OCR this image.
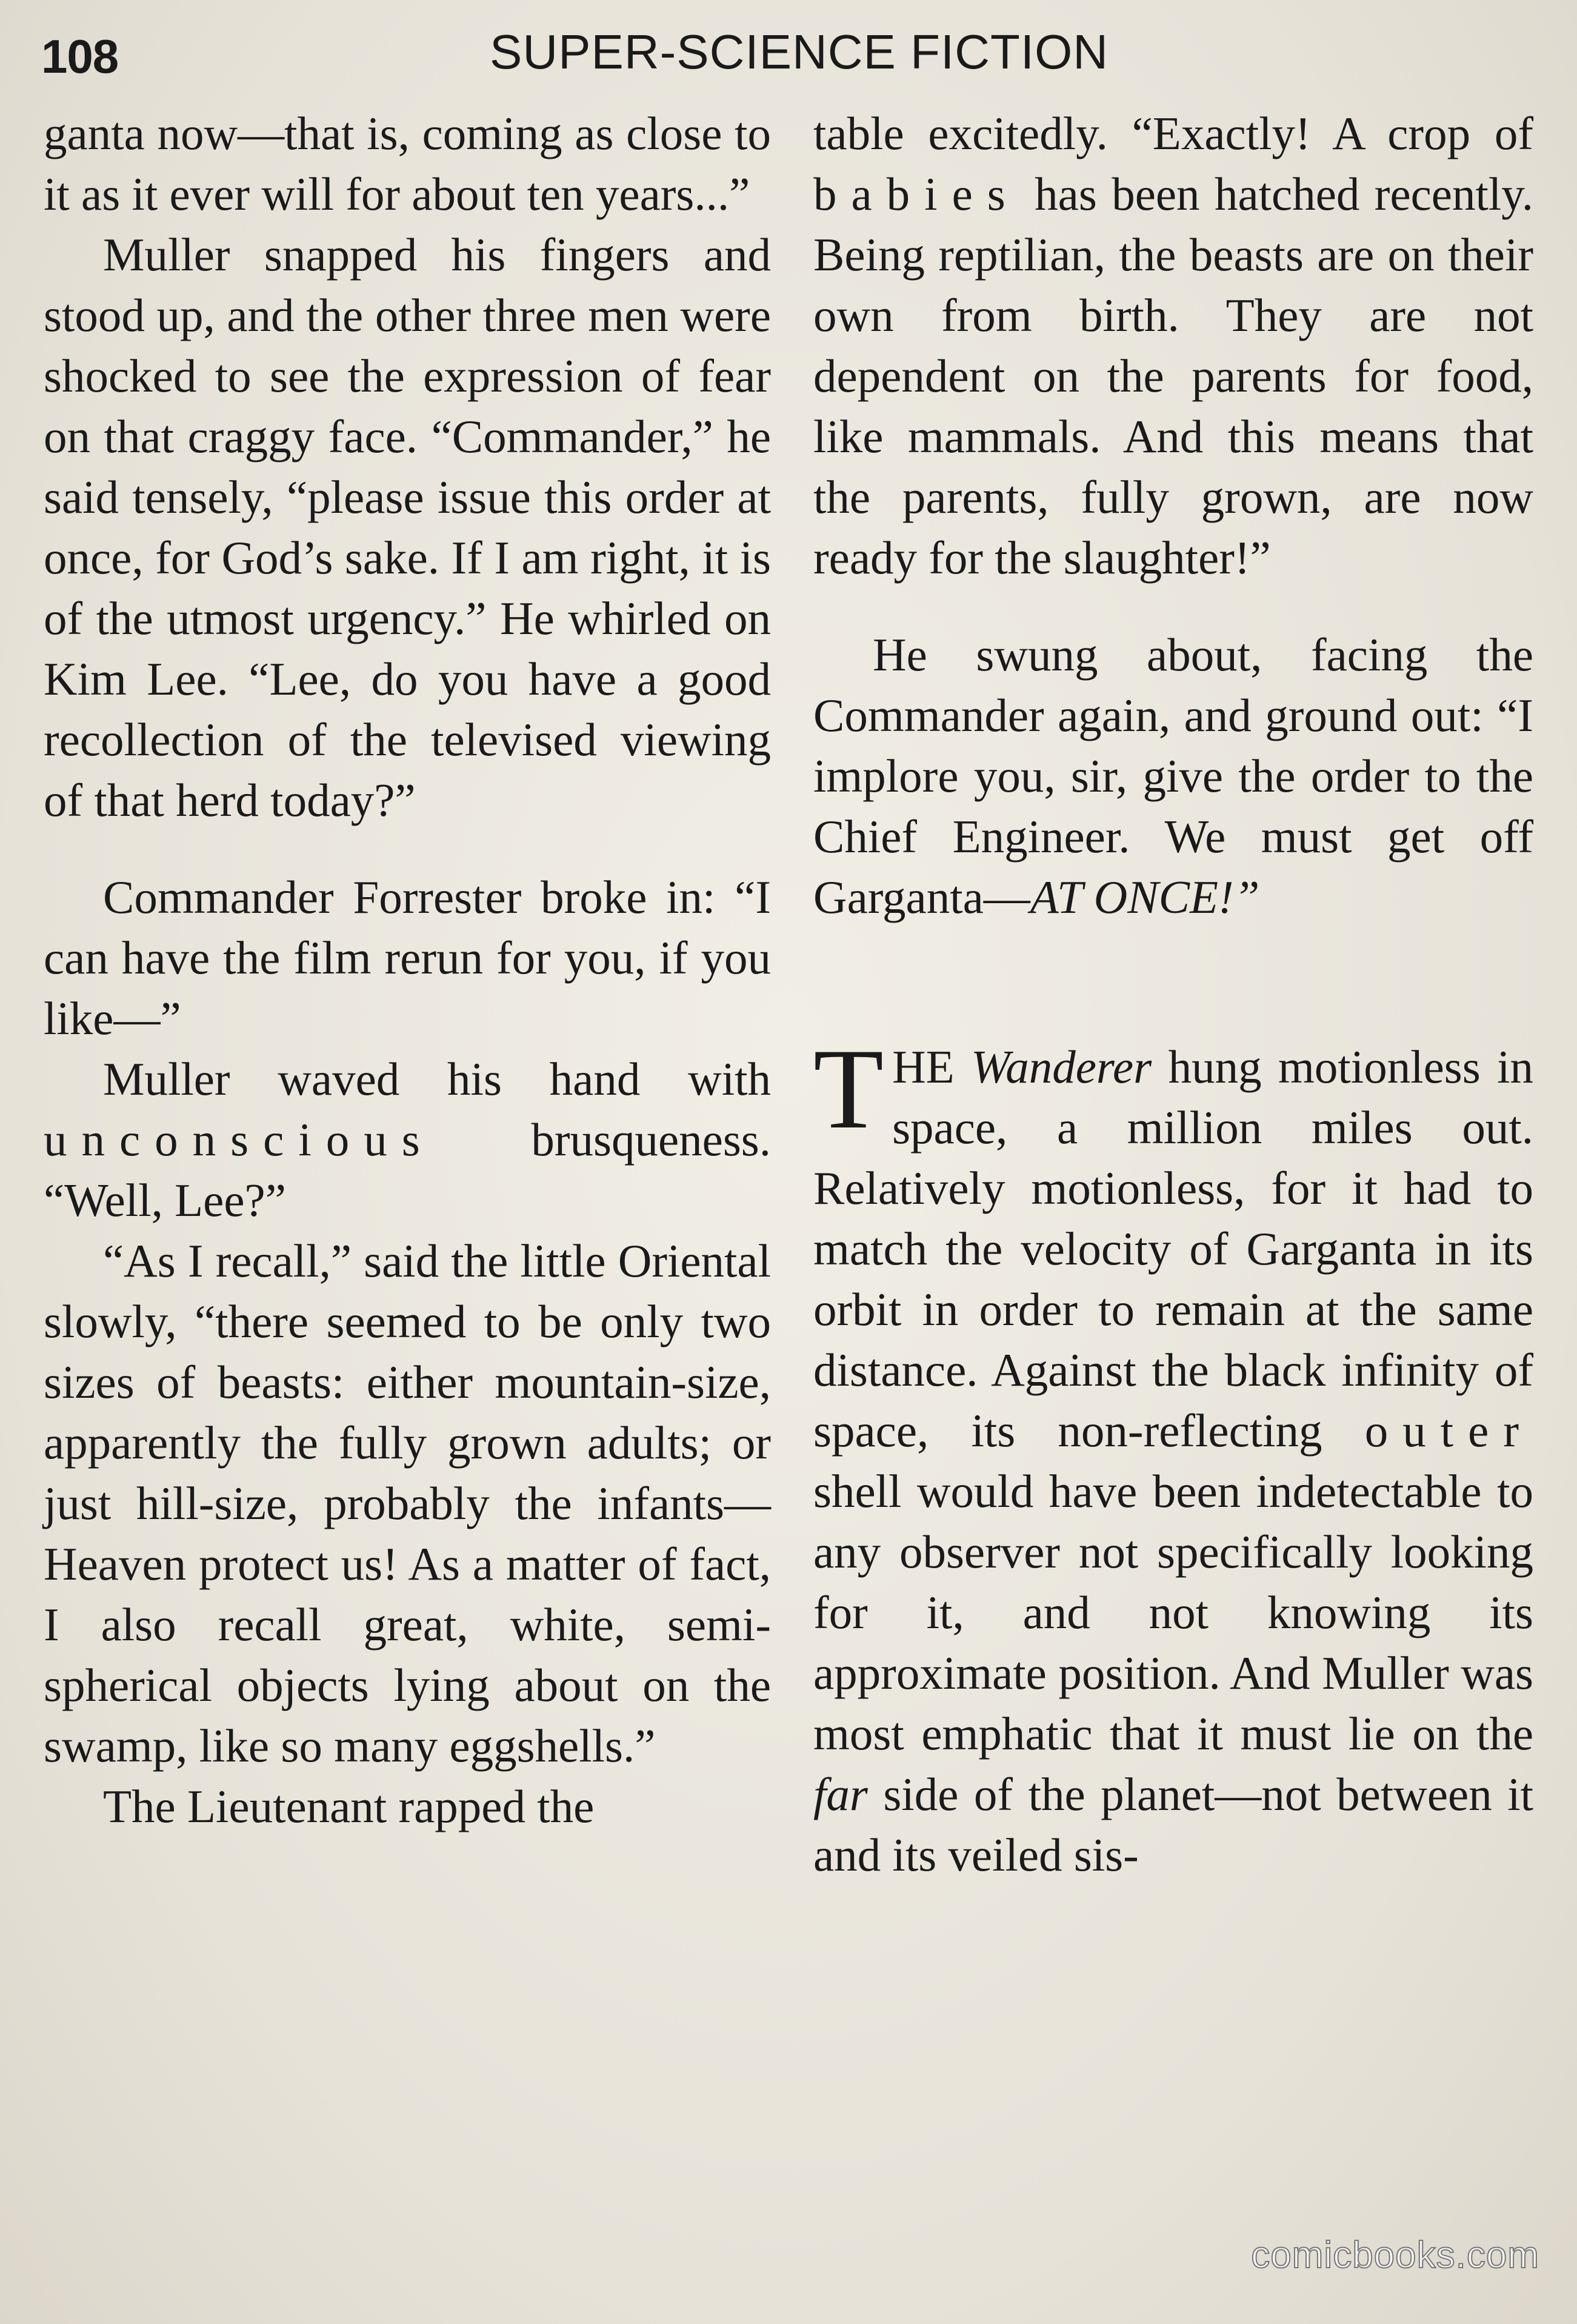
108	SUPER-SCIENCE FICTION

ganta now—that is, coming as close to it as it ever will for about ten years...”

Muller snapped his fingers and stood up, and the other three men were shocked to see the expression of fear on that craggy face. “Commander,” he said tensely, “please issue this order at once, for God’s sake. If I am right, it is of the utmost urgency.” He whirled on Kim Lee. “Lee, do you have a good recollection of the televised viewing of that herd today?”

Commander Forrester broke in: “I can have the film rerun for you, if you like—”

Muller waved his hand with unconscious brusqueness. “Well, Lee?”

“As I recall,” said the little Oriental slowly, “there seemed to be only two sizes of beasts: either mountain-size, apparently the fully grown adults; or just hill-size, probably the infants— Heaven protect us! As a matter of fact, I also recall great, white, semi-spherical objects lying about on the swamp, like so many eggshells.”

The Lieutenant rapped the

table excitedly. “Exactly! A crop of babies has been hatched recently. Being reptilian, the beasts are on their own from birth. They are not dependent on the parents for food, like mammals. And this means that the parents, fully grown, are now ready for the slaughter!”

He swung about, facing the Commander again, and ground out: “I implore you, sir, give the order to the Chief Engineer. We must get off Garganta—AT ONCE!”

THE Wanderer hung motionless in space, a million miles out. Relatively motionless, for it had to match the velocity of Garganta in its orbit in order to remain at the same distance. Against the black infinity of space, its non-reflecting outer shell would have been indetectable to any observer not specifically looking for it, and not knowing its approximate position. And Muller was most emphatic that it must lie on the far side of the planet—not between it and its veiled sis-

comicbooks.com
